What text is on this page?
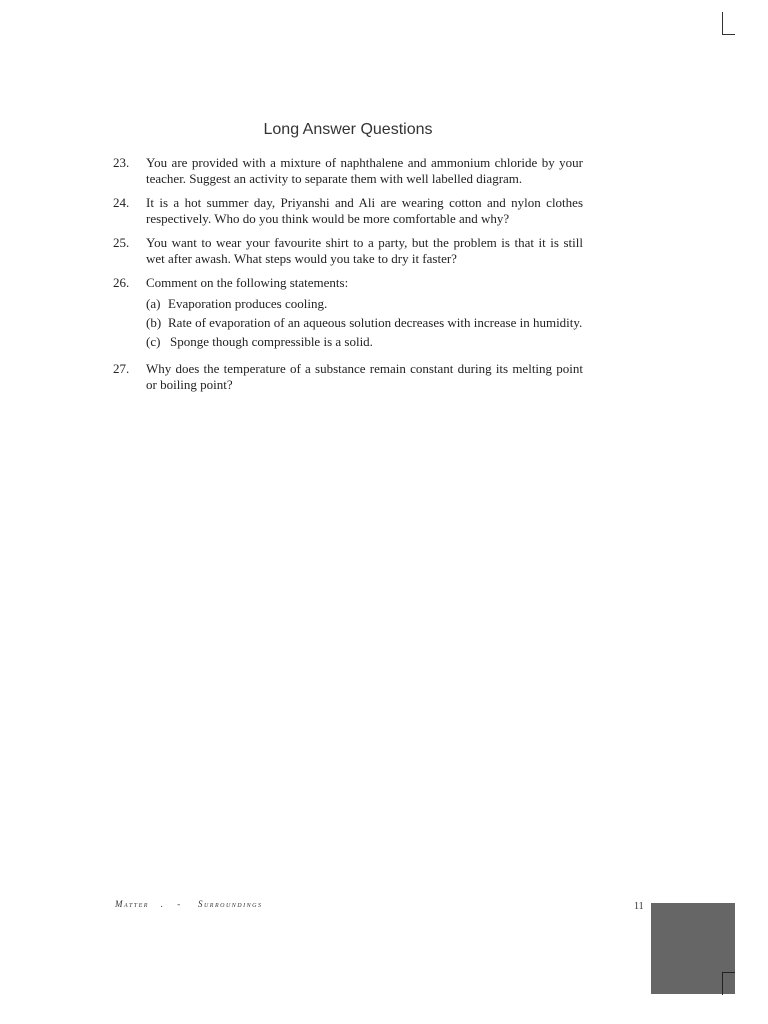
Long Answer Questions
23.	You are provided with a mixture of naphthalene and ammonium chloride by your teacher. Suggest an activity to separate them with well labelled diagram.
24.	It is a hot summer day, Priyanshi and Ali are wearing cotton and nylon clothes respectively. Who do you think would be more comfortable and why?
25.	You want to wear your favourite shirt to a party, but the problem is that it is still wet after awash. What steps would you take to dry it faster?
26.	Comment on the following statements:
(a) Evaporation produces cooling.
(b) Rate of evaporation of an aqueous solution decreases with increase in humidity.
(c) Sponge though compressible is a solid.
27.	Why does the temperature of a substance remain constant during its melting point or boiling point?
Matter . - Surroundings	11
